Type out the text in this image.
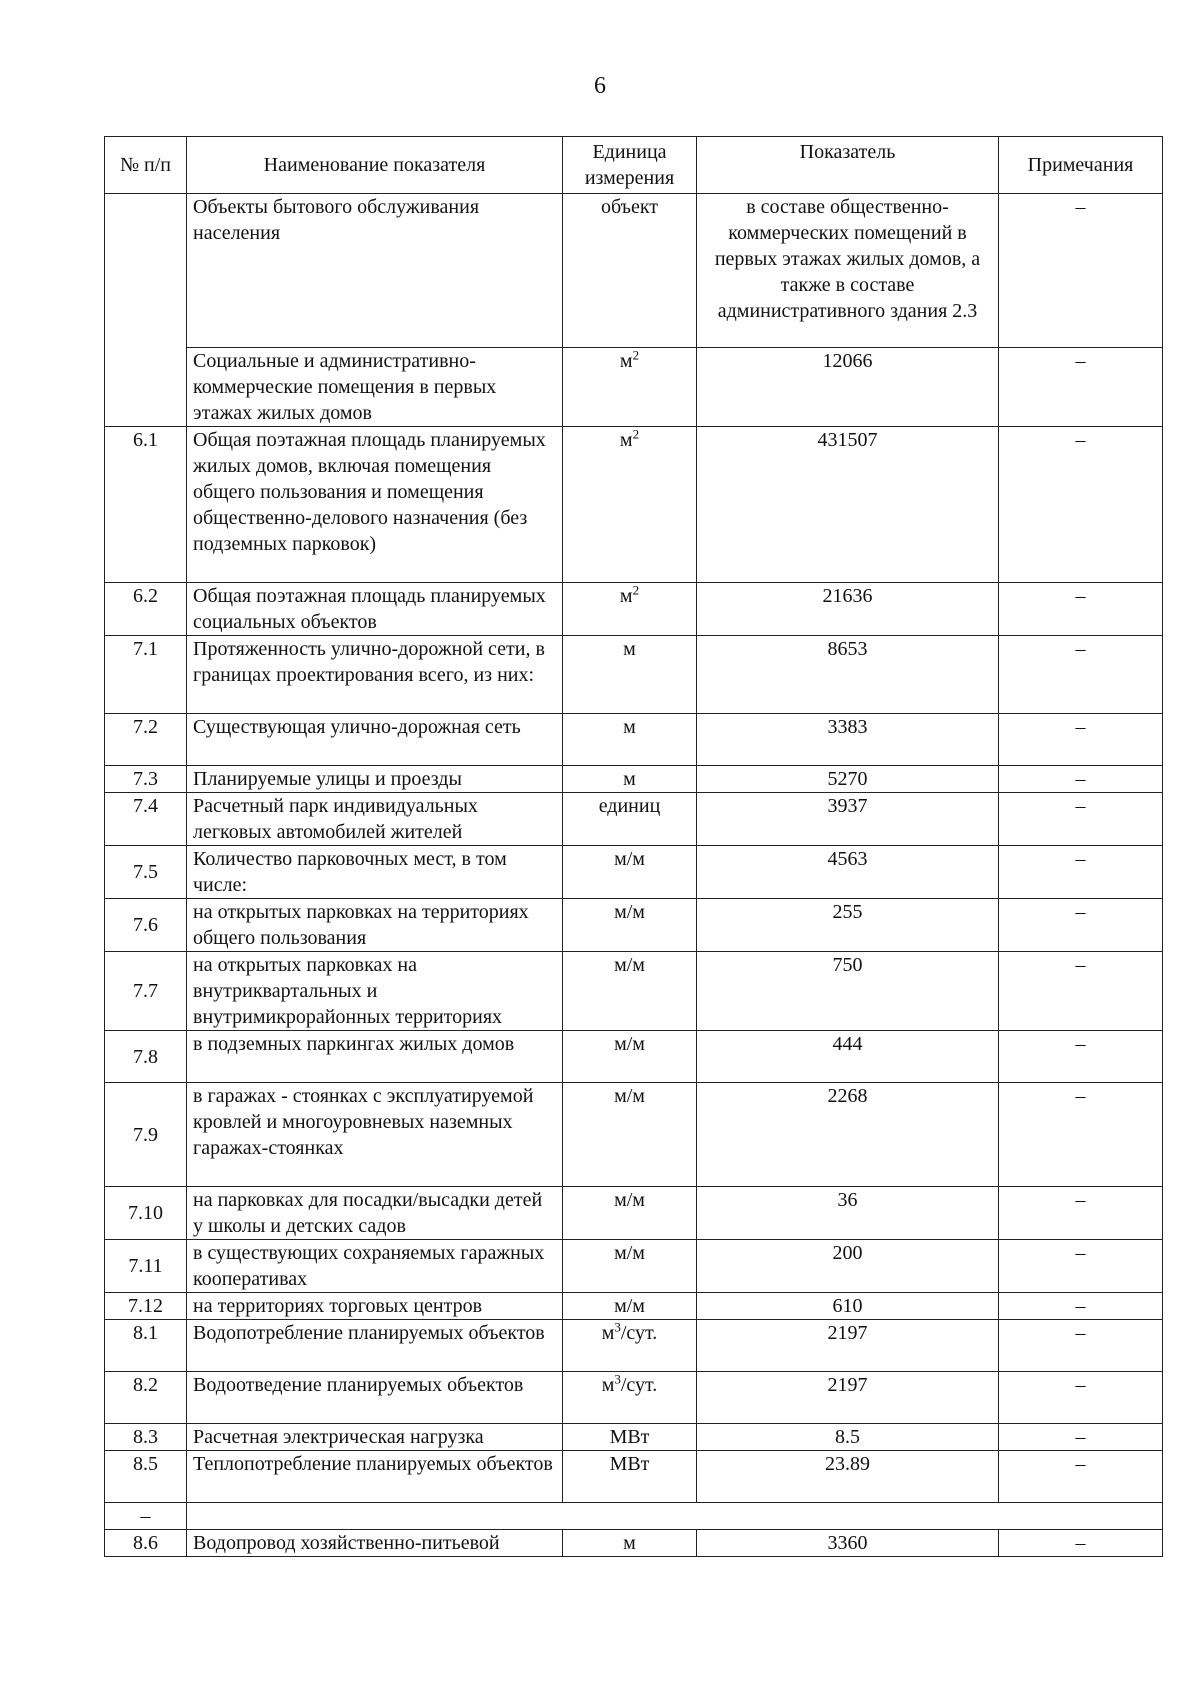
6
№ п/п	Наименование показателя	Единица измерения	Показатель	Примечания
	Объекты бытового обслуживания населения	объект	в составе общественно-коммерческих помещений в первых этажах жилых домов, а также в составе административного здания 2.3	–
	Социальные и административно-коммерческие помещения в первых этажах жилых домов	$м^2$	12066	–
6.1	Общая поэтажная площадь планируемых жилых домов, включая помещения общего пользования и помещения общественно-делового назначения (без подземных парковок)	$м^2$	431507	–
6.2	Общая поэтажная площадь планируемых социальных объектов	$м^2$	21636	–
7.1	Протяженность улично-дорожной сети, в границах проектирования всего, из них:	м	8653	–
7.2	Существующая улично-дорожная сеть	м	3383	–
7.3	Планируемые улицы и проезды	м	5270	–
7.4	Расчетный парк индивидуальных легковых автомобилей жителей	единиц	3937	–
7.5	Количество парковочных мест, в том числе:	м/м	4563	–
7.6	на открытых парковках на территориях общего пользования	м/м	255	–
7.7	на открытых парковках на внутриквартальных и внутримикрорайонных территориях	м/м	750	–
7.8	в подземных паркингах жилых домов	м/м	444	–
7.9	в гаражах - стоянках с эксплуатируемой кровлей и многоуровневых наземных гаражах-стоянках	м/м	2268	–
7.10	на парковках для посадки/высадки детей у школы и детских садов	м/м	36	–
7.11	в существующих сохраняемых гаражных кооперативах	м/м	200	–
7.12	на территориях торговых центров	м/м	610	–
8.1	Водопотребление планируемых объектов	$м^3$/сут.	2197	–
8.2	Водоотведение планируемых объектов	$м^3$/сут.	2197	–
8.3	Расчетная электрическая нагрузка	МВт	8.5	–
8.5	Теплопотребление планируемых объектов	МВт	23.89	–
–				
8.6	Водопровод хозяйственно-питьевой	м	3360	–
